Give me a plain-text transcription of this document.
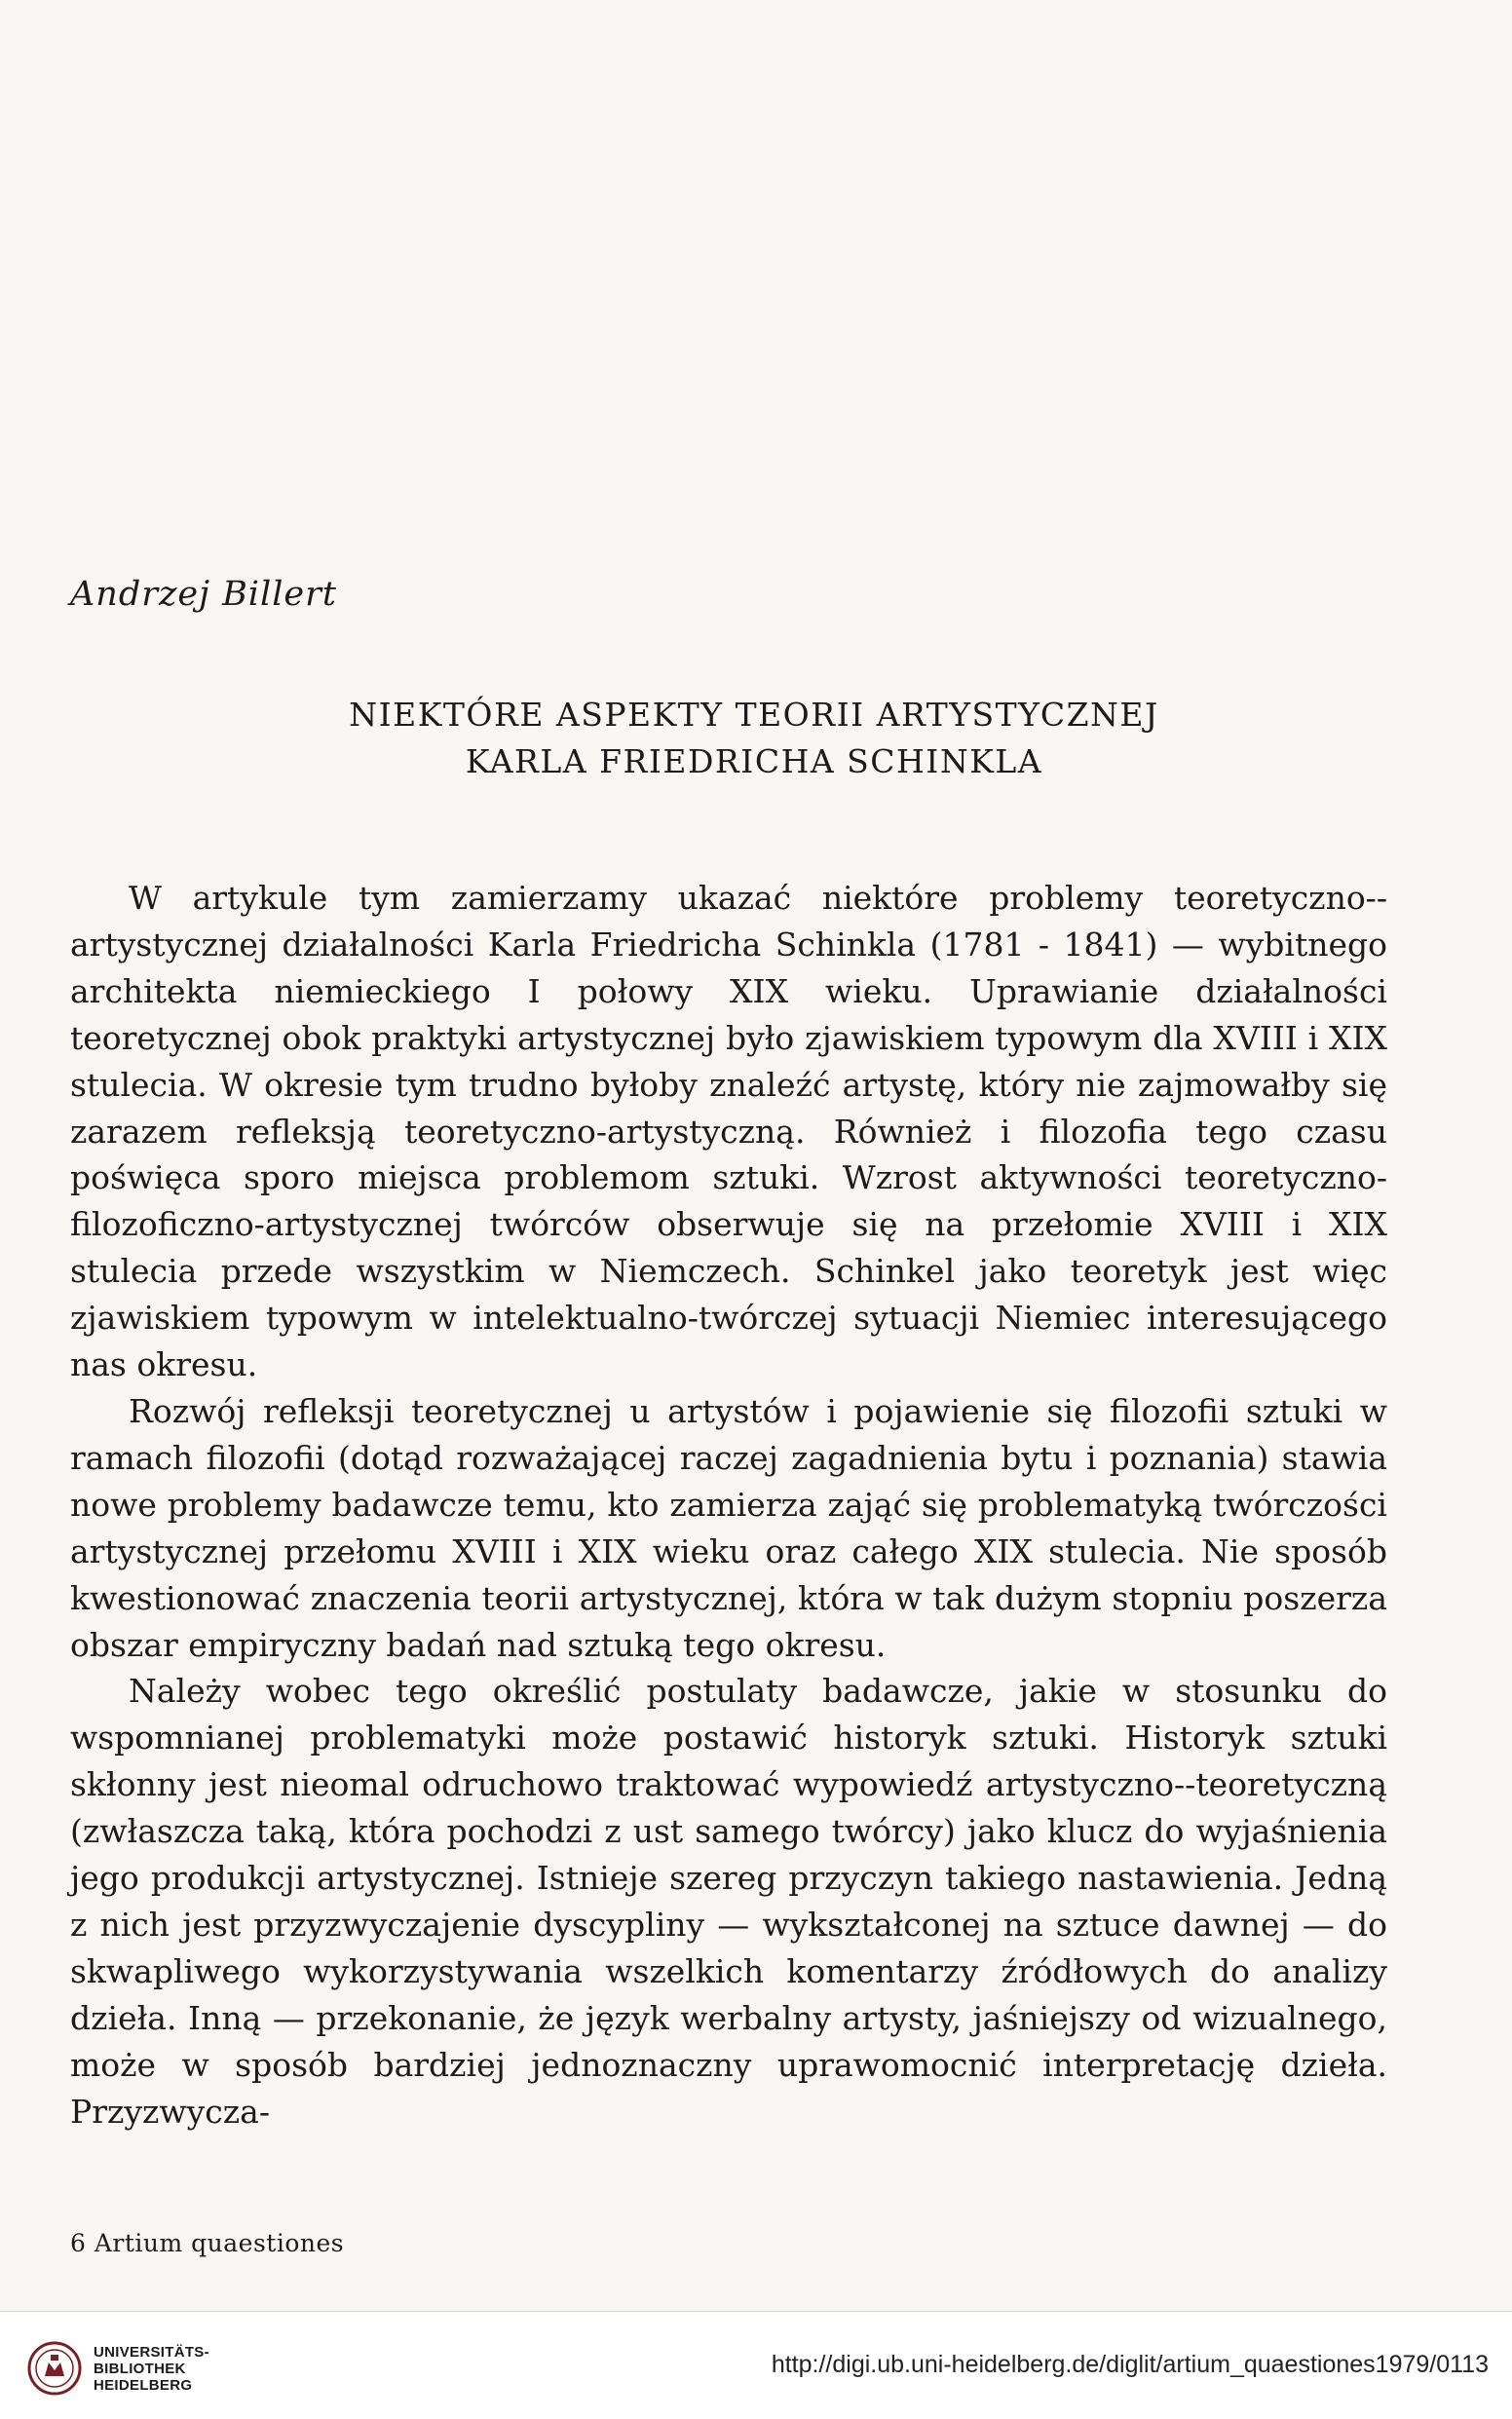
Andrzej Billert
NIEKTÓRE ASPEKTY TEORII ARTYSTYCZNEJ
KARLA FRIEDRICHA SCHINKLA

W artykule tym zamierzamy ukazać niektóre problemy teoretyczno--artystycznej działalności Karla Friedricha Schinkla (1781 - 1841) — wybitnego architekta niemieckiego I połowy XIX wieku. Uprawianie działalności teoretycznej obok praktyki artystycznej było zjawiskiem typowym dla XVIII i XIX stulecia. W okresie tym trudno byłoby znaleźć artystę, który nie zajmowałby się zarazem refleksją teoretyczno-artystyczną. Również i filozofia tego czasu poświęca sporo miejsca problemom sztuki. Wzrost aktywności teoretyczno-filozoficzno-artystycznej twórców obserwuje się na przełomie XVIII i XIX stulecia przede wszystkim w Niemczech. Schinkel jako teoretyk jest więc zjawiskiem typowym w intelektualno-twórczej sytuacji Niemiec interesującego nas okresu.

Rozwój refleksji teoretycznej u artystów i pojawienie się filozofii sztuki w ramach filozofii (dotąd rozważającej raczej zagadnienia bytu i poznania) stawia nowe problemy badawcze temu, kto zamierza zająć się problematyką twórczości artystycznej przełomu XVIII i XIX wieku oraz całego XIX stulecia. Nie sposób kwestionować znaczenia teorii artystycznej, która w tak dużym stopniu poszerza obszar empiryczny badań nad sztuką tego okresu.

Należy wobec tego określić postulaty badawcze, jakie w stosunku do wspomnianej problematyki może postawić historyk sztuki. Historyk sztuki skłonny jest nieomal odruchowo traktować wypowiedź artystyczno--teoretyczną (zwłaszcza taką, która pochodzi z ust samego twórcy) jako klucz do wyjaśnienia jego produkcji artystycznej. Istnieje szereg przyczyn takiego nastawienia. Jedną z nich jest przyzwyczajenie dyscypliny — wykształconej na sztuce dawnej — do skwapliwego wykorzystywania wszelkich komentarzy źródłowych do analizy dzieła. Inną — przekonanie, że język werbalny artysty, jaśniejszy od wizualnego, może w sposób bardziej jednoznaczny uprawomocnić interpretację dzieła. Przyzwycza-

6 Artium quaestiones
UNIVERSITÄTS-
BIBLIOTHEK
HEIDELBERG
http://digi.ub.uni-heidelberg.de/diglit/artium_quaestiones1979/0113
